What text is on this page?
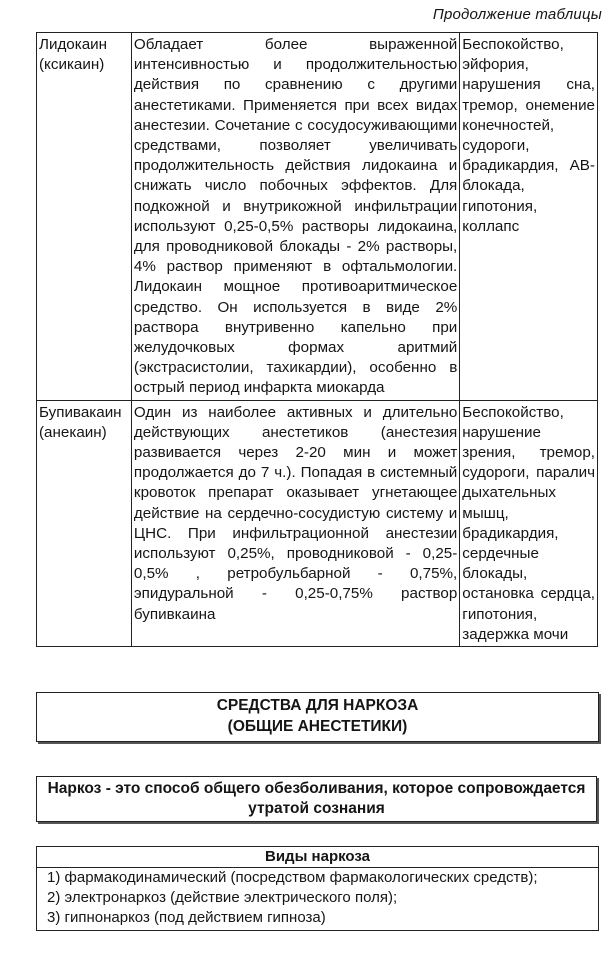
Продолжение таблицы
Лидокаин
(ксикаин)	Обладает более выраженной интенсивностью и продолжительностью действия по сравнению с другими анестетиками. Применяется при всех видах анестезии. Сочетание с сосудосуживающими средствами, позволяет увеличивать продолжительность действия лидокаина и снижать число побочных эффектов. Для подкожной и внутрикожной инфильтрации используют 0,25-0,5% растворы лидокаина, для проводниковой блокады - 2% растворы, 4% раствор применяют в офтальмологии. Лидокаин мощное противоаритмическое средство. Он используется в виде 2% раствора внутривенно капельно при желудочковых формах аритмий (экстрасистолии, тахикардии), особенно в острый период инфаркта миокарда	Беспокойство, эйфория, нарушения сна, тремор, онемение конечностей, судороги, брадикардия, АВ-блокада, гипотония, коллапс

Бупивакаин
(анекаин)	Один из наиболее активных и длительно действующих анестетиков (анестезия развивается через 2-20 мин и может продолжается до 7 ч.). Попадая в системный кровоток препарат оказывает угнетающее действие на сердечно-сосудистую систему и ЦНС. При инфильтрационной анестезии используют 0,25%, проводниковой - 0,25-0,5% , ретробульбарной - 0,75%, эпидуральной - 0,25-0,75% раствор бупивкаина	Беспокойство, нарушение зрения, тремор, судороги, паралич дыхательных мышц, брадикардия, сердечные блокады, остановка сердца, гипотония, задержка мочи
СРЕДСТВА ДЛЯ НАРКОЗА
(ОБЩИЕ АНЕСТЕТИКИ)
Наркоз - это способ общего обезболивания, которое сопровождается утратой сознания
Виды наркоза
1) фармакодинамический (посредством фармакологических средств);
2) электронаркоз (действие электрического поля);
3) гипнонаркоз (под действием гипноза)
